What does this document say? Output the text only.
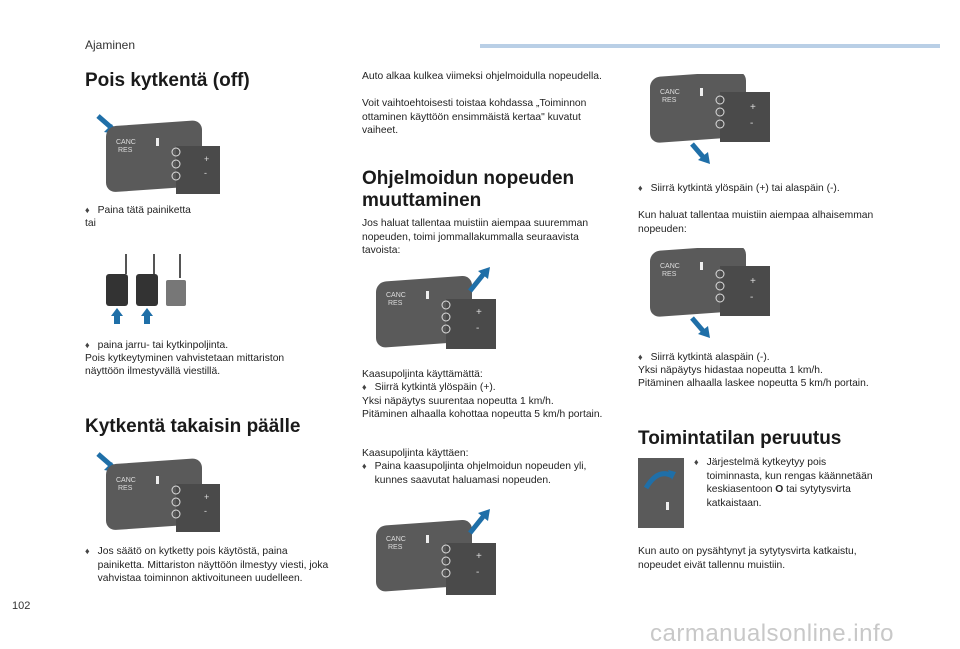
Ajaminen
Pois kytkentä (off)
CANC
RES
+
-
♦ Paina tätä painiketta
tai
♦ paina jarru- tai kytkinpoljinta.
Pois kytkeytyminen vahvistetaan mittariston
näyttöön ilmestyvällä viestillä.
Kytkentä takaisin päälle
CANC
RES
+
-
♦ Jos säätö on kytketty pois käytöstä, paina painiketta. Mittariston näyttöön ilmestyy viesti, joka vahvistaa toiminnon aktivoituneen uudelleen.
Auto alkaa kulkea viimeksi ohjelmoidulla nopeudella.
Voit vaihtoehtoisesti toistaa kohdassa „Toiminnon ottaminen käyttöön ensimmäistä kertaa" kuvatut vaiheet.
Ohjelmoidun nopeuden muuttaminen
Jos haluat tallentaa muistiin aiempaa suuremman nopeuden, toimi jommallakummalla seuraavista tavoista:
CANC
RES
+
-
Kaasupoljinta käyttämättä:
♦ Siirrä kytkintä ylöspäin (+).
Yksi näpäytys suurentaa nopeutta 1 km/h.
Pitäminen alhaalla kohottaa nopeutta 5 km/h portain.
Kaasupoljinta käyttäen:
♦ Paina kaasupoljinta ohjelmoidun nopeuden yli, kunnes saavutat haluamasi nopeuden.
CANC
RES
+
-
CANC
RES
+
-
♦ Siirrä kytkintä ylöspäin (+) tai alaspäin (-).
Kun haluat tallentaa muistiin aiempaa alhaisemman nopeuden:
CANC
RES
+
-
♦ Siirrä kytkintä alaspäin (-).
Yksi näpäytys hidastaa nopeutta 1 km/h.
Pitäminen alhaalla laskee nopeutta 5 km/h portain.
Toimintatilan peruutus
♦ Järjestelmä kytkeytyy pois toiminnasta, kun rengas käännetään keskiasentoon O tai sytytysvirta katkaistaan.
Kun auto on pysähtynyt ja sytytysvirta katkaistu, nopeudet eivät tallennu muistiin.
102
carmanualsonline.info
